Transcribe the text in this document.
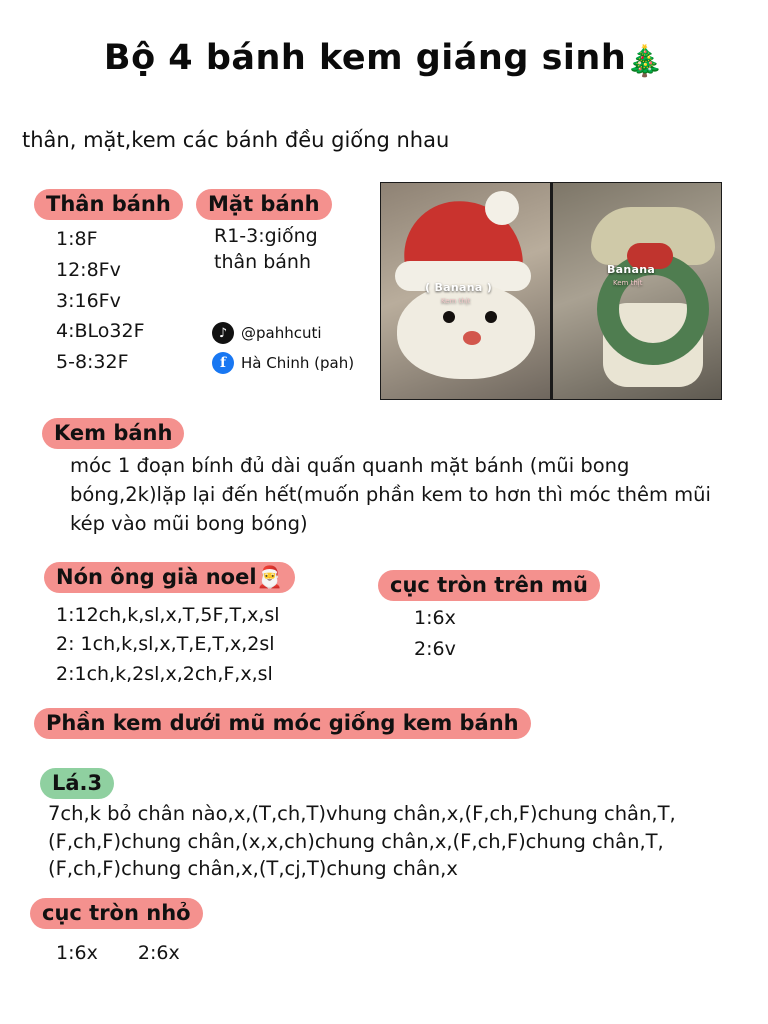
Bộ 4 bánh kem giáng sinh🎄
thân, mặt,kem các bánh đều giống nhau
Thân bánh
1:8F
12:8Fv
3:16Fv
4:BLo32F
5-8:32F
Mặt bánh
R1-3:giống
thân bánh
♪ @pahhcuti
f Hà Chinh (pah)
( Banana )
Kem thịt
Banana
Kem thịt
Kem bánh
móc 1 đoạn bính đủ dài quấn quanh mặt bánh (mũi bong bóng,2k)lặp lại đến hết(muốn phần kem to hơn thì móc thêm mũi kép vào mũi bong bóng)
Nón ông già noel🎅
1:12ch,k,sl,x,T,5F,T,x,sl
2: 1ch,k,sl,x,T,E,T,x,2sl
2:1ch,k,2sl,x,2ch,F,x,sl
cục tròn trên mũ
1:6x
2:6v
Phần kem dưới mũ móc giống kem bánh
Lá.3
7ch,k bỏ chân nào,x,(T,ch,T)vhung chân,x,(F,ch,F)chung chân,T,(F,ch,F)chung chân,(x,x,ch)chung chân,x,(F,ch,F)chung chân,T,(F,ch,F)chung chân,x,(T,cj,T)chung chân,x
cục tròn nhỏ
1:6x 2:6x
